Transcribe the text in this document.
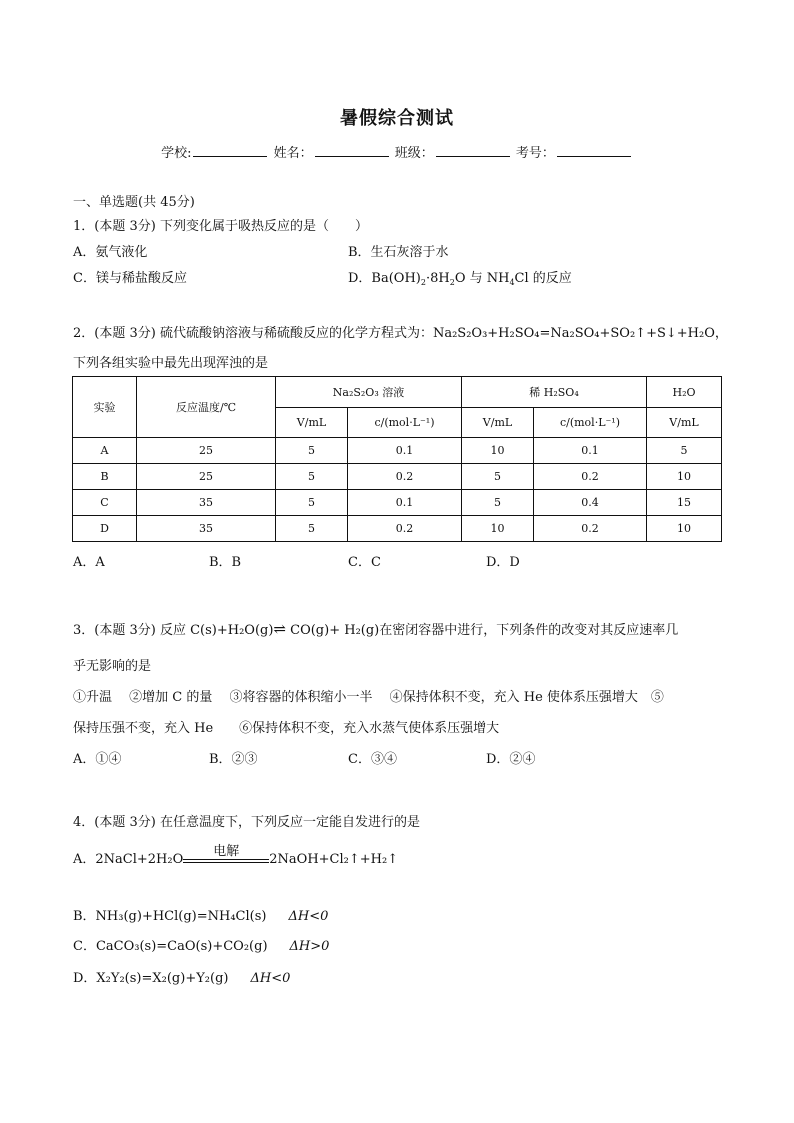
暑假综合测试
学校:	姓名：	班级：	考号：
一、单选题(共 45分)
1．(本题 3分) 下列变化属于吸热反应的是（　　）
A．氨气液化	B．生石灰溶于水
C．镁与稀盐酸反应	D．$Ba(OH)_2\cdot 8H_2O$ 与 $NH_4Cl$ 的反应
2．(本题 3分) 硫代硫酸钠溶液与稀硫酸反应的化学方程式为：Na₂S₂O₃+H₂SO₄=Na₂SO₄+SO₂↑+S↓+H₂O，
下列各组实验中最先出现浑浊的是
实验	反应温度/℃	Na₂S₂O₃ 溶液		稀 H₂SO₄		H₂O
		V/mL	c/(mol·L⁻¹)	V/mL	c/(mol·L⁻¹)	V/mL
A	25	5	0.1	10	0.1	5
B	25	5	0.2	5	0.2	10
C	35	5	0.1	5	0.4	15
D	35	5	0.2	10	0.2	10
A．A	B．B	C．C	D．D
3．(本题 3分) 反应 C(s)+H₂O(g)⇌ CO(g)+ H₂(g)在密闭容器中进行，下列条件的改变对其反应速率几
乎无影响的是
①升温　 ②增加 C 的量　 ③将容器的体积缩小一半　 ④保持体积不变，充入 He 使体系压强增大　⑤
保持压强不变，充入 He　　⑥保持体积不变，充入水蒸气使体系压强增大
A．①④	B．②③	C．③④	D．②④
4．(本题 3分) 在任意温度下，下列反应一定能自发进行的是
A．2NaCl+2H₂O
电解
2NaOH+Cl₂↑+H₂↑
B．NH₃(g)+HCl(g)=NH₄Cl(s) ΔH<0
C．CaCO₃(s)=CaO(s)+CO₂(g) ΔH>0
D．X₂Y₂(s)=X₂(g)+Y₂(g) ΔH<0
